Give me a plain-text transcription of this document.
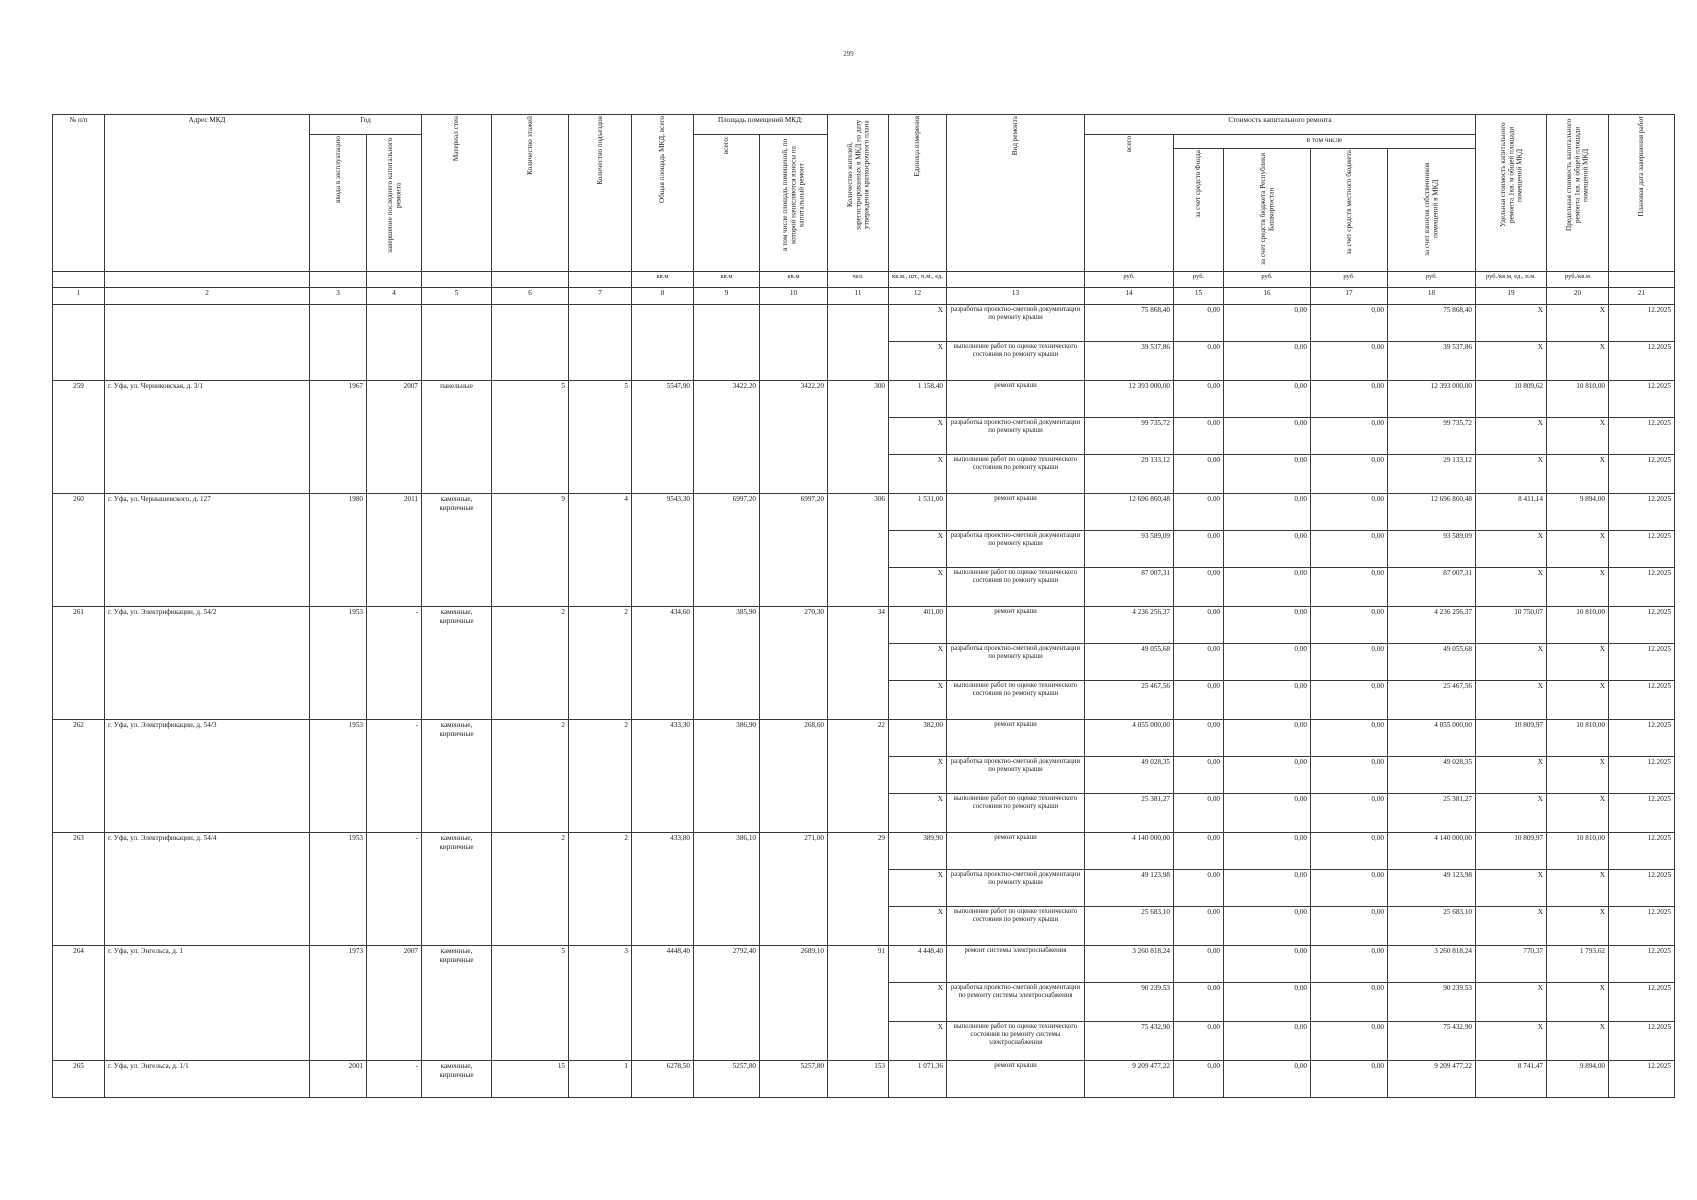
299
№ п/п	Адрес МКД	Год		Материал стен	Количество этажей	Количество подъездов	Общая площадь МКД, всего	Площадь помещений МКД:		Количество жителей, зарегистрированных в МКД на дату утверждения краткосрочного плана	Единица измерения	Вид ремонта	Стоимость капитального ремонта					Удельная стоимость капитального ремонта 1кв. м общей площади помещений МКД	Предельная стоимость капитального ремонта 1кв. м общей площади помещений МКД	Плановая дата завершения работ
		ввода в эксплуатацию	завершение последнего капитального ремонта					всего:	в том числе площадь помещений, по которой начисляются взносы на капитальный ремонт				всего	в том числе						
														за счет средств Фонда	за счет средств бюджета Республики Башкортостан	за счет средств местного бюджета	за счет взносов собственников помещений в МКД			
							кв.м	кв.м	кв.м	чел.	кв.м., шт., п.м., ед.		руб.	руб.	руб.	руб.	руб.	руб./кв.м, ед., п.м.	руб./кв.м	
1	2	3	4	5	6	7	8	9	10	11	12	13	14	15	16	17	18	19	20	21
											X	разработка проектно-сметной документации по ремонту крыши	75 868,40	0,00	0,00	0,00	75 868,40	X	X	12.2025
											X	выполнение работ по оценке технического состояния по ремонту крыши	39 537,86	0,00	0,00	0,00	39 537,86	X	X	12.2025
259	г. Уфа, ул. Черниковская, д. 3/1	1967	2007	панельные	5	5	5547,90	3422,20	3422,20	300	1 158,40	ремонт крыши	12 393 000,00	0,00	0,00	0,00	12 393 000,00	10 809,62	10 810,00	12.2025
											X	разработка проектно-сметной документации по ремонту крыши	99 735,72	0,00	0,00	0,00	99 735,72	X	X	12.2025
											X	выполнение работ по оценке технического состояния по ремонту крыши	29 133,12	0,00	0,00	0,00	29 133,12	X	X	12.2025
260	г. Уфа, ул. Чернышевского, д. 127	1980	2011	каменные, кирпичные	9	4	9543,30	6997,20	6997,20	306	1 531,00	ремонт крыши	12 696 860,48	0,00	0,00	0,00	12 696 860,48	8 411,14	9 894,00	12.2025
											X	разработка проектно-сметной документации по ремонту крыши	93 589,09	0,00	0,00	0,00	93 589,09	X	X	12.2025
											X	выполнение работ по оценке технического состояния по ремонту крыши	87 007,31	0,00	0,00	0,00	87 007,31	X	X	12.2025
261	г. Уфа, ул. Электрификации, д. 54/2	1953	-	каменные, кирпичные	2	2	434,60	385,90	270,30	34	401,00	ремонт крыши	4 236 256,37	0,00	0,00	0,00	4 236 256,37	10 750,07	10 810,00	12.2025
											X	разработка проектно-сметной документации по ремонту крыши	49 055,68	0,00	0,00	0,00	49 055,68	X	X	12.2025
											X	выполнение работ по оценке технического состояния по ремонту крыши	25 467,56	0,00	0,00	0,00	25 467,56	X	X	12.2025
262	г. Уфа, ул. Электрификации, д. 54/3	1953	-	каменные, кирпичные	2	2	433,30	386,90	268,60	22	382,00	ремонт крыши	4 055 000,00	0,00	0,00	0,00	4 055 000,00	10 809,97	10 810,00	12.2025
											X	разработка проектно-сметной документации по ремонту крыши	49 028,35	0,00	0,00	0,00	49 028,35	X	X	12.2025
											X	выполнение работ по оценке технического состояния по ремонту крыши	25 381,27	0,00	0,00	0,00	25 381,27	X	X	12.2025
263	г. Уфа, ул. Электрификации, д. 54/4	1953	-	каменные, кирпичные	2	2	433,80	386,10	271,00	29	389,90	ремонт крыши	4 140 000,00	0,00	0,00	0,00	4 140 000,00	10 809,97	10 810,00	12.2025
											X	разработка проектно-сметной документации по ремонту крыши	49 123,98	0,00	0,00	0,00	49 123,98	X	X	12.2025
											X	выполнение работ по оценке технического состояния по ремонту крыши	25 683,10	0,00	0,00	0,00	25 683,10	X	X	12.2025
264	г. Уфа, ул. Энгельса, д. 1	1973	2007	каменные, кирпичные	5	3	4448,40	2792,40	2689,10	91	4 448,40	ремонт системы электроснабжения	3 260 818,24	0,00	0,00	0,00	3 260 818,24	770,37	1 793,62	12.2025
											X	разработка проектно-сметной документации по ремонту системы электроснабжения	90 239,53	0,00	0,00	0,00	90 239,53	X	X	12.2025
											X	выполнение работ по оценке технического состояния по ремонту системы электроснабжения	75 432,90	0,00	0,00	0,00	75 432,90	X	X	12.2025
265	г. Уфа, ул. Энгельса, д. 1/1	2001	-	каменные, кирпичные	15	1	6278,50	5257,80	5257,80	153	1 071,36	ремонт крыши	9 209 477,22	0,00	0,00	0,00	9 209 477,22	8 741,47	9 894,00	12.2025
